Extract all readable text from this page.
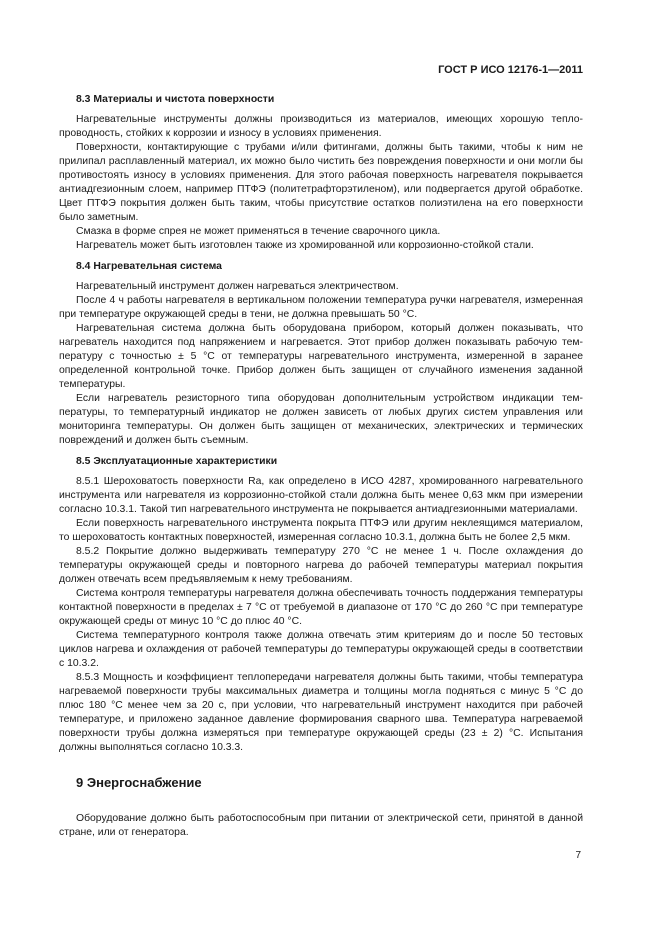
ГОСТ Р ИСО 12176-1—2011
8.3 Материалы и чистота поверхности

Нагревательные инструменты должны производиться из материалов, имеющих хорошую теплопроводность, стойких к коррозии и износу в условиях применения.

Поверхности, контактирующие с трубами и/или фитингами, должны быть такими, чтобы к ним не прилипал расплавленный материал, их можно было чистить без повреждения поверхности и они могли бы противостоять износу в условиях применения. Для этого рабочая поверхность нагревателя покрывается антиадгезионным слоем, например ПТФЭ (политетрафторэтиленом), или подвергается другой обработке. Цвет ПТФЭ покрытия должен быть таким, чтобы присутствие остатков полиэтилена на его поверхности было заметным.

Смазка в форме спрея не может применяться в течение сварочного цикла.

Нагреватель может быть изготовлен также из хромированной или коррозионно-стойкой стали.

8.4 Нагревательная система

Нагревательный инструмент должен нагреваться электричеством.

После 4 ч работы нагревателя в вертикальном положении температура ручки нагревателя, измеренная при температуре окружающей среды в тени, не должна превышать 50 °С.

Нагревательная система должна быть оборудована прибором, который должен показывать, что нагреватель находится под напряжением и нагревается. Этот прибор должен показывать рабочую температуру с точностью ± 5 °С от температуры нагревательного инструмента, измеренной в заранее определенной контрольной точке. Прибор должен быть защищен от случайного изменения заданной температуры.

Если нагреватель резисторного типа оборудован дополнительным устройством индикации температуры, то температурный индикатор не должен зависеть от любых других систем управления или мониторинга температуры. Он должен быть защищен от механических, электрических и термических повреждений и должен быть съемным.

8.5 Эксплуатационные характеристики

8.5.1 Шероховатость поверхности Ra, как определено в ИСО 4287, хромированного нагревательного инструмента или нагревателя из коррозионно-стойкой стали должна быть менее 0,63 мкм при измерении согласно 10.3.1. Такой тип нагревательного инструмента не покрывается антиадгезионными материалами.

Если поверхность нагревательного инструмента покрыта ПТФЭ или другим неклеящимся материалом, то шероховатость контактных поверхностей, измеренная согласно 10.3.1, должна быть не более 2,5 мкм.

8.5.2 Покрытие должно выдерживать температуру 270 °С не менее 1 ч. После охлаждения до температуры окружающей среды и повторного нагрева до рабочей температуры материал покрытия должен отвечать всем предъявляемым к нему требованиям.

Система контроля температуры нагревателя должна обеспечивать точность поддержания температуры контактной поверхности в пределах ± 7 °С от требуемой в диапазоне от 170 °С до 260 °С при температуре окружающей среды от минус 10 °С до плюс 40 °С.

Система температурного контроля также должна отвечать этим критериям до и после 50 тестовых циклов нагрева и охлаждения от рабочей температуры до температуры окружающей среды в соответствии с 10.3.2.

8.5.3 Мощность и коэффициент теплопередачи нагревателя должны быть такими, чтобы температура нагреваемой поверхности трубы максимальных диаметра и толщины могла подняться с минус 5 °С до плюс 180 °С менее чем за 20 с, при условии, что нагревательный инструмент находится при рабочей температуре, и приложено заданное давление формирования сварного шва. Температура нагреваемой поверхности трубы должна измеряться при температуре окружающей среды (23 ± 2) °С. Испытания должны выполняться согласно 10.3.3.

9 Энергоснабжение

Оборудование должно быть работоспособным при питании от электрической сети, принятой в данной стране, или от генератора.

7
